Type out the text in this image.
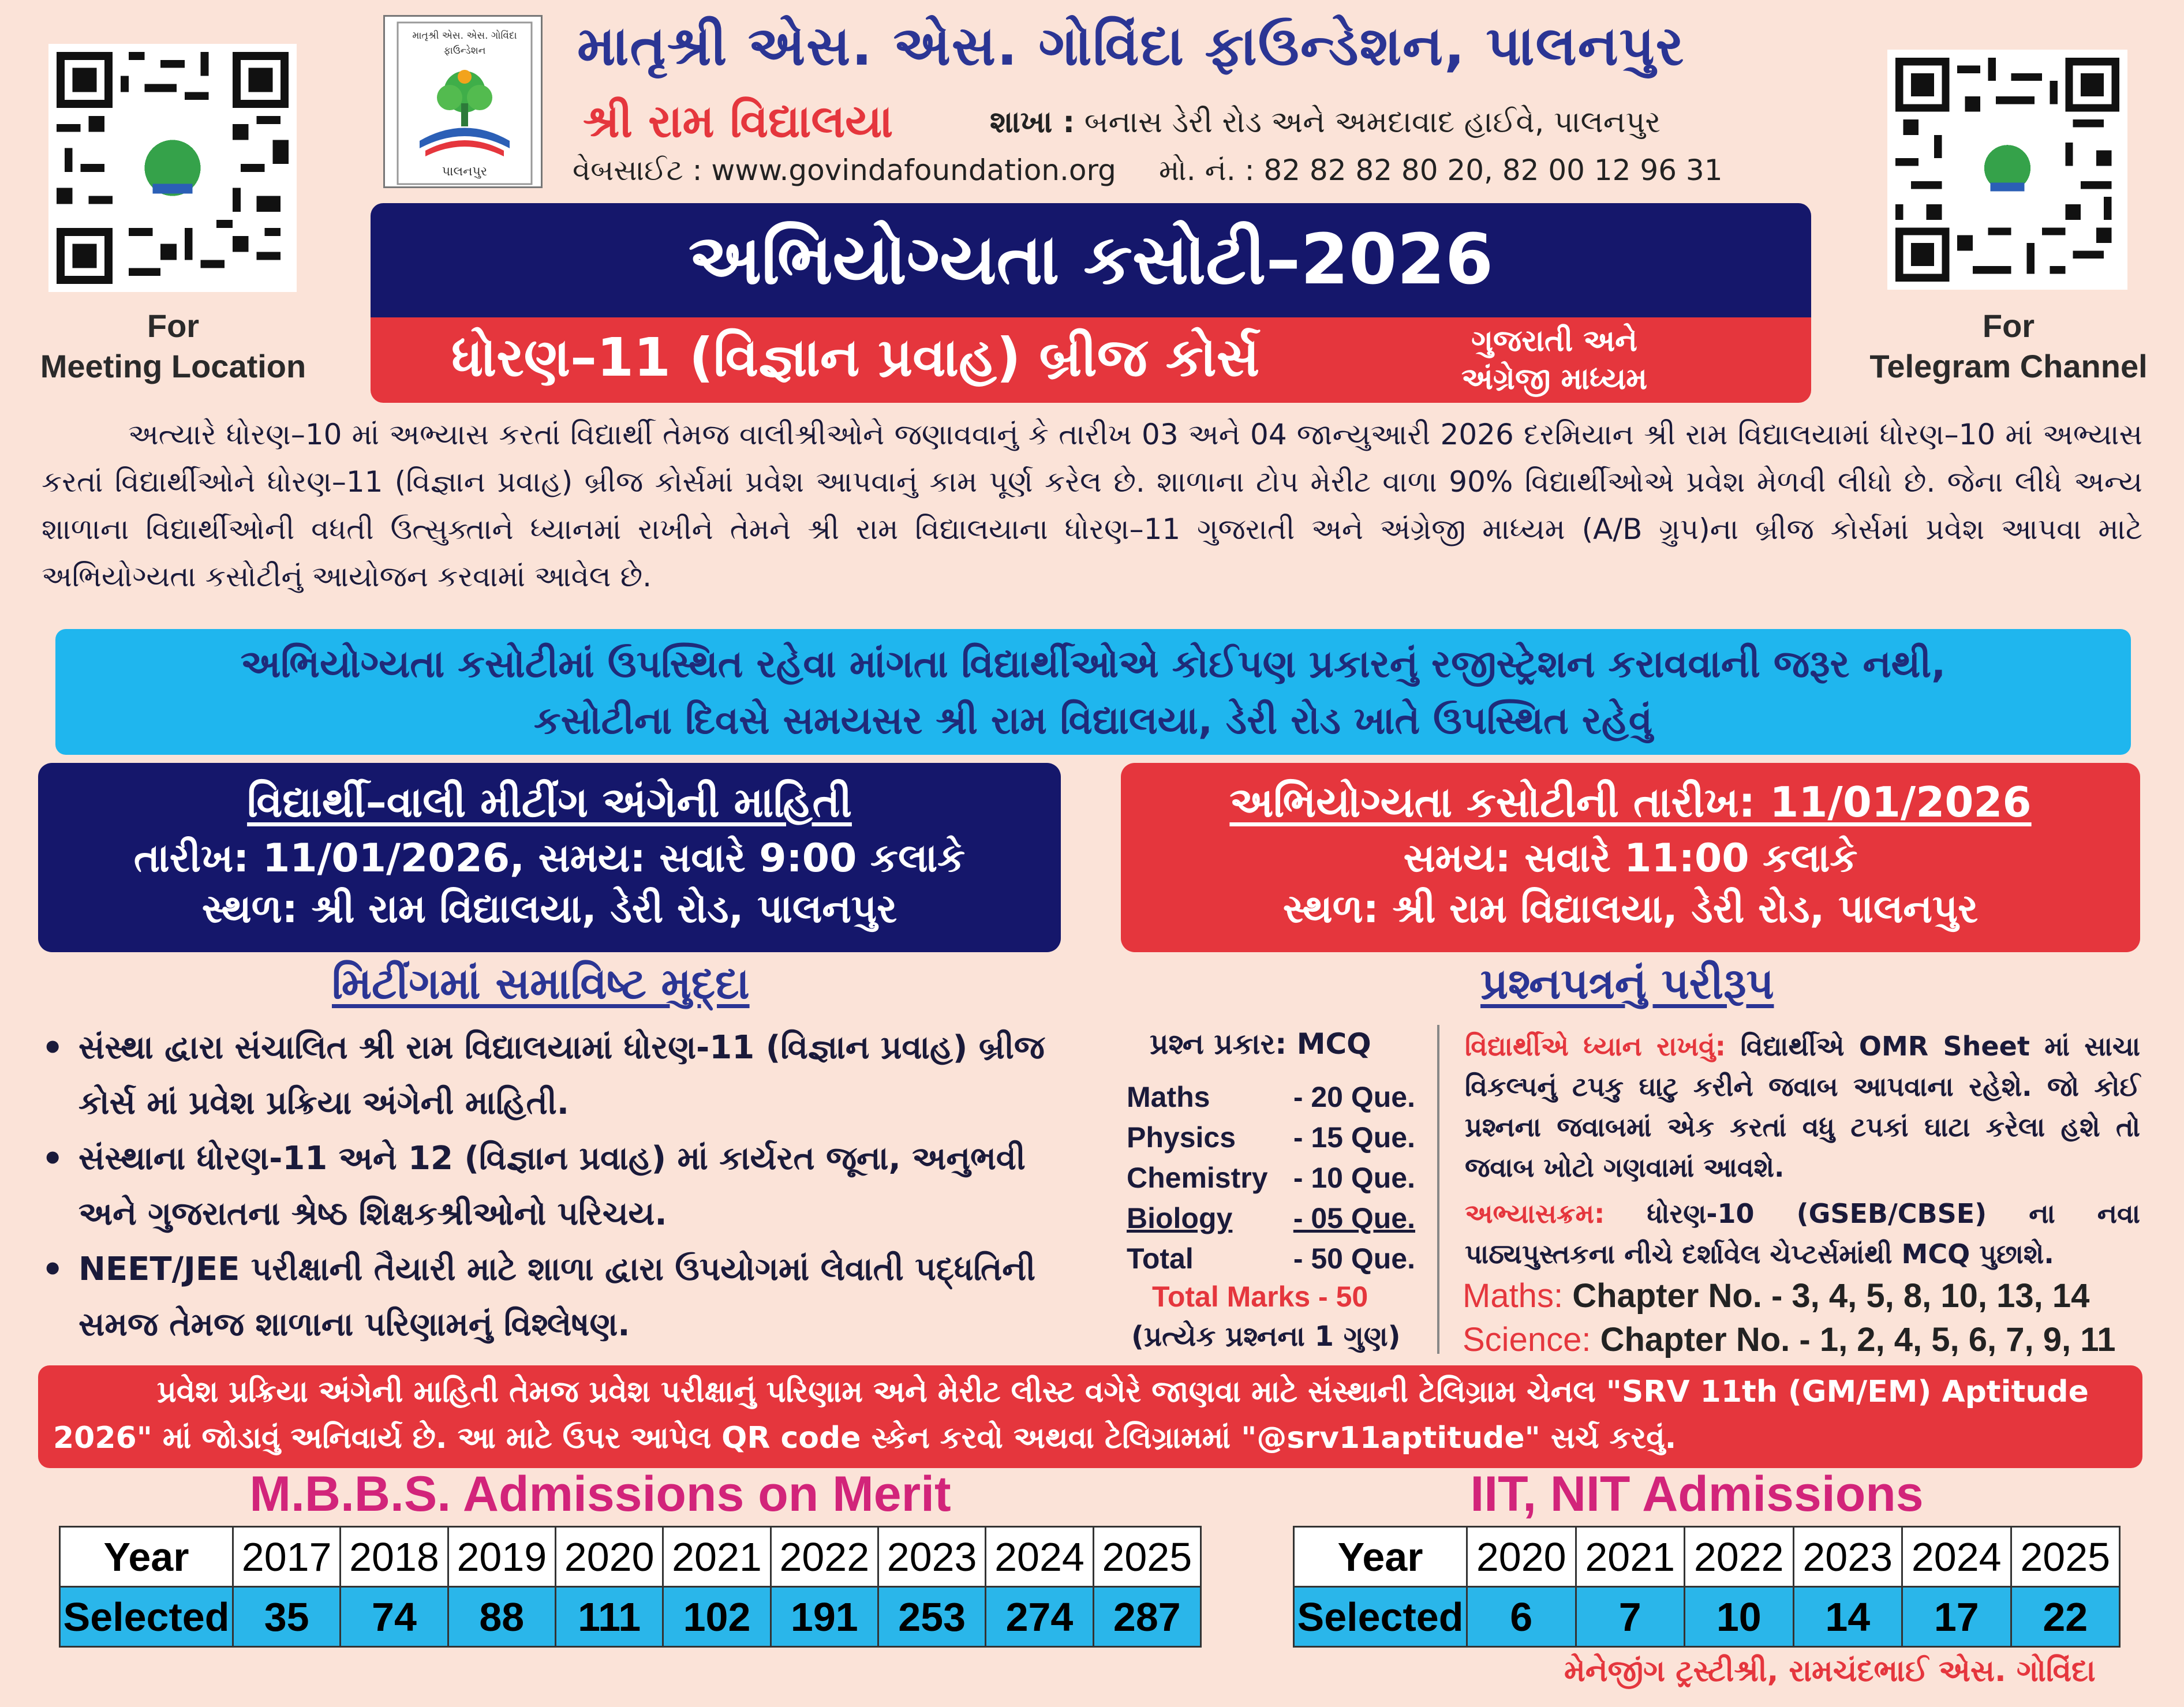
For
Meeting Location
For
Telegram Channel
માતૃશ્રી એસ. એસ. ગોવિંદા ફાઉન્ડેશન
પાલનપુર
માતૃશ્રી એસ. એસ. ગોવિંદા ફાઉન્ડેશન, પાલનપુર
શ્રી રામ વિદ્યાલયા	શાખા : બનાસ ડેરી રોડ અને અમદાવાદ હાઈવે, પાલનપુર
વેબસાઈટ : www.govindafoundation.org મો. નં. : 82 82 82 80 20, 82 00 12 96 31
અભિયોગ્યતા કસોટી–2026
ધોરણ–11 (વિજ્ઞાન પ્રવાહ) બ્રીજ કોર્સ	ગુજરાતી અને
અંગ્રેજી માધ્યમ
અત્યારે ધોરણ–10 માં અભ્યાસ કરતાં વિદ્યાર્થી તેમજ વાલીશ્રીઓને જણાવવાનું કે તારીખ 03 અને 04 જાન્યુઆરી 2026 દરમિયાન શ્રી રામ વિદ્યાલયામાં ધોરણ–10 માં અભ્યાસ કરતાં વિદ્યાર્થીઓને ધોરણ–11 (વિજ્ઞાન પ્રવાહ) બ્રીજ કોર્સમાં પ્રવેશ આપવાનું કામ પૂર્ણ કરેલ છે. શાળાના ટોપ મેરીટ વાળા 90% વિદ્યાર્થીઓએ પ્રવેશ મેળવી લીધો છે. જેના લીધે અન્ય શાળાના વિદ્યાર્થીઓની વધતી ઉત્સુક્તાને ધ્યાનમાં રાખીને તેમને શ્રી રામ વિદ્યાલયાના ધોરણ–11 ગુજરાતી અને અંગ્રેજી માધ્યમ (A/B ગ્રુપ)ના બ્રીજ કોર્સમાં પ્રવેશ આપવા માટે અભિયોગ્યતા કસોટીનું આયોજન કરવામાં આવેલ છે.
અભિયોગ્યતા કસોટીમાં ઉપસ્થિત રહેવા માંગતા વિદ્યાર્થીઓએ કોઈપણ પ્રકારનું રજીસ્ટ્રેશન કરાવવાની જરૂર નથી,
કસોટીના દિવસે સમયસર શ્રી રામ વિદ્યાલયા, ડેરી રોડ ખાતે ઉપસ્થિત રહેવું
વિદ્યાર્થી–વાલી મીટીંગ અંગેની માહિતી
તારીખ: 11/01/2026, સમય: સવારે 9:00 કલાકે
સ્થળ: શ્રી રામ વિદ્યાલયા, ડેરી રોડ, પાલનપુર
અભિયોગ્યતા કસોટીની તારીખ: 11/01/2026
સમય: સવારે 11:00 કલાકે
સ્થળ: શ્રી રામ વિદ્યાલયા, ડેરી રોડ, પાલનપુર
મિટીંગમાં સમાવિષ્ટ મુદ્દા
• સંસ્થા દ્વારા સંચાલિત શ્રી રામ વિદ્યાલયામાં ધોરણ-11 (વિજ્ઞાન પ્રવાહ) બ્રીજ કોર્સ માં પ્રવેશ પ્રક્રિયા અંગેની માહિતી.
• સંસ્થાના ધોરણ-11 અને 12 (વિજ્ઞાન પ્રવાહ) માં કાર્યરત જૂના, અનુભવી અને ગુજરાતના શ્રેષ્ઠ શિક્ષકશ્રીઓનો પરિચય.
• NEET/JEE પરીક્ષાની તૈયારી માટે શાળા દ્વારા ઉપયોગમાં લેવાતી પદ્ધતિની સમજ તેમજ શાળાના પરિણામનું વિશ્લેષણ.
પ્રશ્નપત્રનું પરીરૂપ
પ્રશ્ન પ્રકાર: MCQ
Maths	- 20 Que.
Physics - 15 Que.
Chemistry - 10 Que.
Biology - 05 Que.
Total	- 50 Que.
Total Marks - 50
(પ્રત્યેક પ્રશ્નના 1 ગુણ)
વિદ્યાર્થીએ ધ્યાન રાખવું: વિદ્યાર્થીએ OMR Sheet માં સાચા વિકલ્પનું ટપકુ ઘાટુ કરીને જવાબ આપવાના રહેશે. જો કોઈ પ્રશ્નના જવાબમાં એક કરતાં વધુ ટપકાં ઘાટા કરેલા હશે તો જવાબ ખોટો ગણવામાં આવશે.
અભ્યાસક્રમ: ધોરણ-10 (GSEB/CBSE) ના નવા પાઠ્યપુસ્તકના નીચે દર્શાવેલ ચેપ્ટર્સમાંથી MCQ પુછાશે.
Maths: Chapter No. - 3, 4, 5, 8, 10, 13, 14
Science: Chapter No. - 1, 2, 4, 5, 6, 7, 9, 11
પ્રવેશ પ્રક્રિયા અંગેની માહિતી તેમજ પ્રવેશ પરીક્ષાનું પરિણામ અને મેરીટ લીસ્ટ વગેરે જાણવા માટે સંસ્થાની ટેલિગ્રામ ચેનલ "SRV 11th (GM/EM) Aptitude 2026" માં જોડાવું અનિવાર્ય છે. આ માટે ઉપર આપેલ QR code સ્કેન કરવો અથવા ટેલિગ્રામમાં "@srv11aptitude" સર્ચ કરવું.
M.B.B.S. Admissions on Merit
Year	2017	2018	2019	2020	2021	2022	2023	2024	2025
Selected	35	74	88	111	102	191	253	274	287
IIT, NIT Admissions
Year	2020	2021	2022	2023	2024	2025
Selected	6	7	10	14	17	22
મેનેજીંગ ટ્રસ્ટીશ્રી, રામચંદભાઈ એસ. ગોવિંદા
